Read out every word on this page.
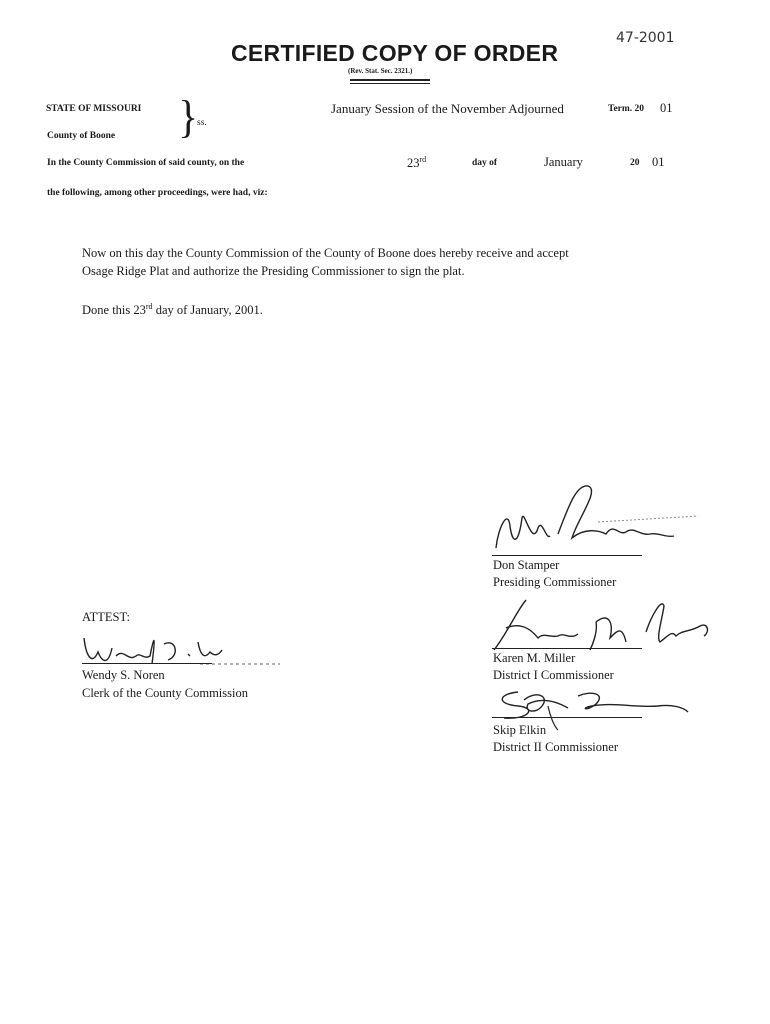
47-2001
CERTIFIED COPY OF ORDER
(Rev. Stat. Sec. 2321.)
STATE OF MISSOURI
County of Boone } ss.
January Session of the November Adjourned	Term. 20 01
In the County Commission of said county, on the	23rd	day of	January	20 01
the following, among other proceedings, were had, viz:
Now on this day the County Commission of the County of Boone does hereby receive and accept
Osage Ridge Plat and authorize the Presiding Commissioner to sign the plat.
Done this 23rd day of January, 2001.
Don Stamper
Presiding Commissioner
Karen M. Miller
District I Commissioner
Skip Elkin
District II Commissioner
ATTEST:
Wendy S. Noren
Clerk of the County Commission
